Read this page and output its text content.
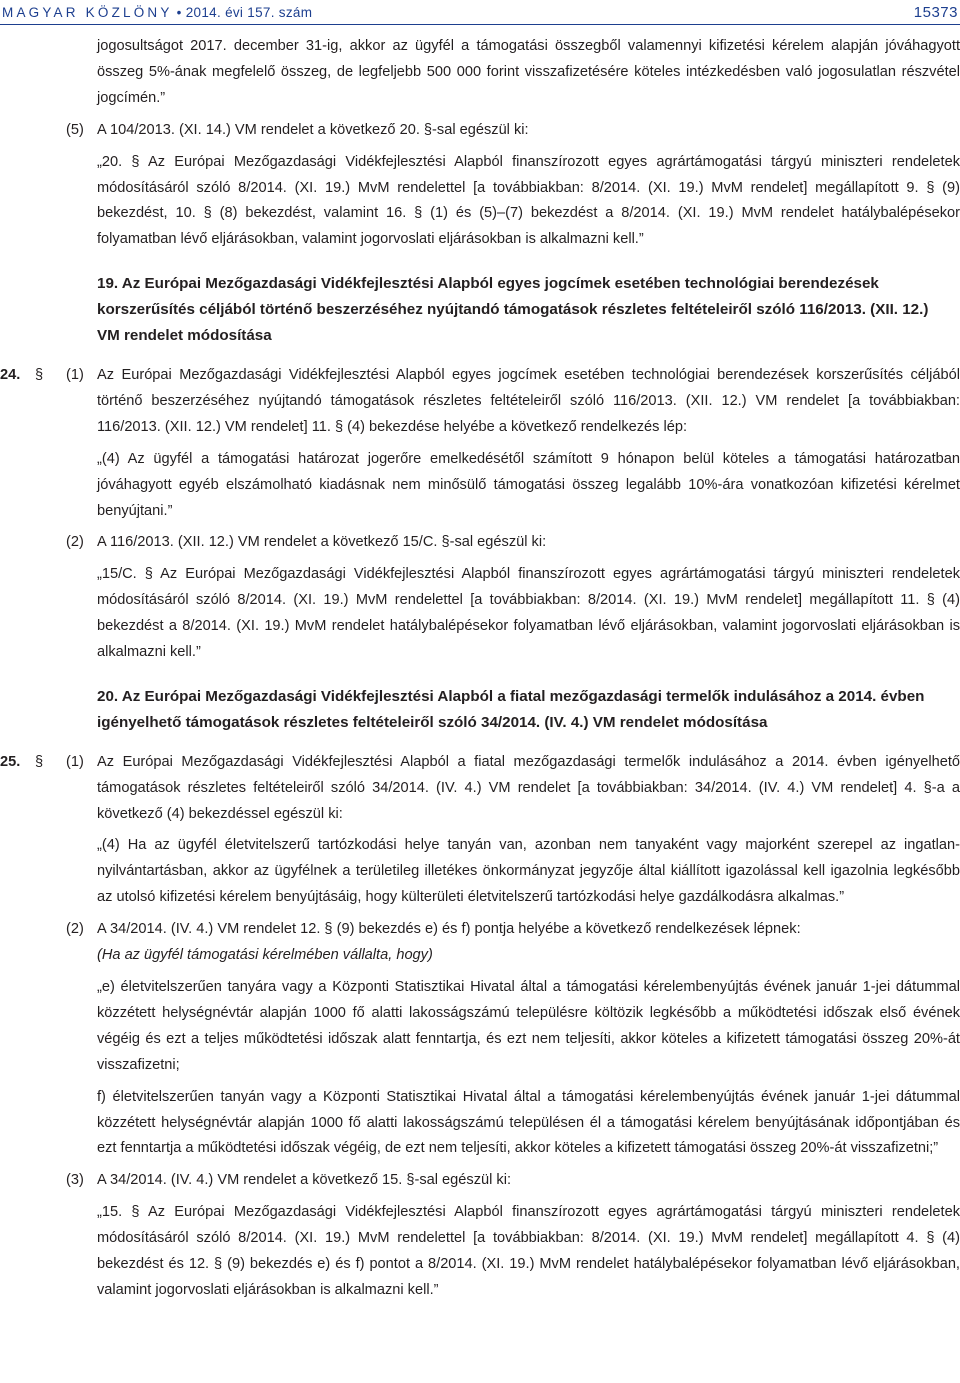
MAGYAR KÖZLÖNY • 2014. évi 157. szám	15373
jogosultságot 2017. december 31-ig, akkor az ügyfél a támogatási összegből valamennyi kifizetési kérelem alapján jóváhagyott összeg 5%-ának megfelelő összeg, de legfeljebb 500 000 forint visszafizetésére köteles intézkedésben való jogosulatlan részvétel jogcímén.”
(5) A 104/2013. (XI. 14.) VM rendelet a következő 20. §-sal egészül ki:
„20. § Az Európai Mezőgazdasági Vidékfejlesztési Alapból finanszírozott egyes agrártámogatási tárgyú miniszteri rendeletek módosításáról szóló 8/2014. (XI. 19.) MvM rendelettel [a továbbiakban: 8/2014. (XI. 19.) MvM rendelet] megállapított 9. § (9) bekezdést, 10. § (8) bekezdést, valamint 16. § (1) és (5)–(7) bekezdést a 8/2014. (XI. 19.) MvM rendelet hatálybalépésekor folyamatban lévő eljárásokban, valamint jogorvoslati eljárásokban is alkalmazni kell.”
19. Az Európai Mezőgazdasági Vidékfejlesztési Alapból egyes jogcímek esetében technológiai berendezések korszerűsítés céljából történő beszerzéséhez nyújtandó támogatások részletes feltételeiről szóló 116/2013. (XII. 12.) VM rendelet módosítása
24. § (1) Az Európai Mezőgazdasági Vidékfejlesztési Alapból egyes jogcímek esetében technológiai berendezések korszerűsítés céljából történő beszerzéséhez nyújtandó támogatások részletes feltételeiről szóló 116/2013. (XII. 12.) VM rendelet [a továbbiakban: 116/2013. (XII. 12.) VM rendelet] 11. § (4) bekezdése helyébe a következő rendelkezés lép:
„(4) Az ügyfél a támogatási határozat jogerőre emelkedésétől számított 9 hónapon belül köteles a támogatási határozatban jóváhagyott egyéb elszámolható kiadásnak nem minősülő támogatási összeg legalább 10%-ára vonatkozóan kifizetési kérelmet benyújtani.”
(2) A 116/2013. (XII. 12.) VM rendelet a következő 15/C. §-sal egészül ki:
„15/C. § Az Európai Mezőgazdasági Vidékfejlesztési Alapból finanszírozott egyes agrártámogatási tárgyú miniszteri rendeletek módosításáról szóló 8/2014. (XI. 19.) MvM rendelettel [a továbbiakban: 8/2014. (XI. 19.) MvM rendelet] megállapított 11. § (4) bekezdést a 8/2014. (XI. 19.) MvM rendelet hatálybalépésekor folyamatban lévő eljárásokban, valamint jogorvoslati eljárásokban is alkalmazni kell.”
20. Az Európai Mezőgazdasági Vidékfejlesztési Alapból a fiatal mezőgazdasági termelők indulásához a 2014. évben igényelhető támogatások részletes feltételeiről szóló 34/2014. (IV. 4.) VM rendelet módosítása
25. § (1) Az Európai Mezőgazdasági Vidékfejlesztési Alapból a fiatal mezőgazdasági termelők indulásához a 2014. évben igényelhető támogatások részletes feltételeiről szóló 34/2014. (IV. 4.) VM rendelet [a továbbiakban: 34/2014. (IV. 4.) VM rendelet] 4. §-a a következő (4) bekezdéssel egészül ki:
„(4) Ha az ügyfél életvitelszerű tartózkodási helye tanyán van, azonban nem tanyaként vagy majorként szerepel az ingatlan-nyilvántartásban, akkor az ügyfélnek a területileg illetékes önkormányzat jegyzője által kiállított igazolással kell igazolnia legkésőbb az utolsó kifizetési kérelem benyújtásáig, hogy külterületi életvitelszerű tartózkodási helye gazdálkodásra alkalmas.”
(2) A 34/2014. (IV. 4.) VM rendelet 12. § (9) bekezdés e) és f) pontja helyébe a következő rendelkezések lépnek:
(Ha az ügyfél támogatási kérelmében vállalta, hogy)
„e) életvitelszerűen tanyára vagy a Központi Statisztikai Hivatal által a támogatási kérelembenyújtás évének január 1-jei dátummal közzétett helységnévtár alapján 1000 fő alatti lakosságszámú településre költözik legkésőbb a működtetési időszak első évének végéig és ezt a teljes működtetési időszak alatt fenntartja, és ezt nem teljesíti, akkor köteles a kifizetett támogatási összeg 20%-át visszafizetni;
f) életvitelszerűen tanyán vagy a Központi Statisztikai Hivatal által a támogatási kérelembenyújtás évének január 1-jei dátummal közzétett helységnévtár alapján 1000 fő alatti lakosságszámú településen él a támogatási kérelem benyújtásának időpontjában és ezt fenntartja a működtetési időszak végéig, de ezt nem teljesíti, akkor köteles a kifizetett támogatási összeg 20%-át visszafizetni;”
(3) A 34/2014. (IV. 4.) VM rendelet a következő 15. §-sal egészül ki:
„15. § Az Európai Mezőgazdasági Vidékfejlesztési Alapból finanszírozott egyes agrártámogatási tárgyú miniszteri rendeletek módosításáról szóló 8/2014. (XI. 19.) MvM rendelettel [a továbbiakban: 8/2014. (XI. 19.) MvM rendelet] megállapított 4. § (4) bekezdést és 12. § (9) bekezdés e) és f) pontot a 8/2014. (XI. 19.) MvM rendelet hatálybalépésekor folyamatban lévő eljárásokban, valamint jogorvoslati eljárásokban is alkalmazni kell.”
